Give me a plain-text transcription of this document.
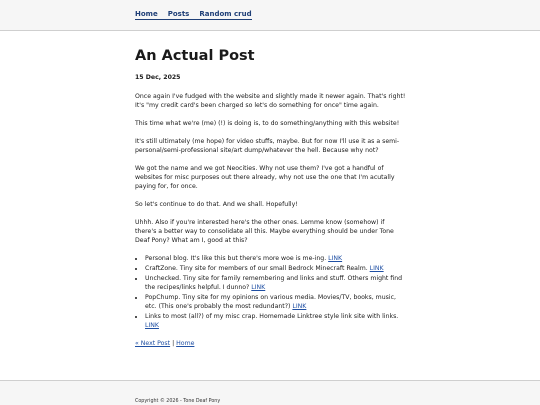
Home Posts Random crud
An Actual Post
15 Dec, 2025

Once again I've fudged with the website and slightly made it newer again. That's right! It's "my credit card's been charged so let's do something for once" time again.

This time what we're (me) (!) is doing is, to do something/anything with this website!

It's still ultimately (me hope) for video stuffs, maybe. But for now I'll use it as a semi-personal/semi-professional site/art dump/whatever the hell. Because why not?

We got the name and we got Neocities. Why not use them? I've got a handful of websites for misc purposes out there already, why not use the one that I'm acutally paying for, for once.

So let's continue to do that. And we shall. Hopefully!

Uhhh. Also if you're interested here's the other ones. Lemme know (somehow) if there's a better way to consolidate all this. Maybe everything should be under Tone Deaf Pony? What am I, good at this?

• Personal blog. It's like this but there's more woe is me-ing. LINK
• CraftZone. Tiny site for members of our small Bedrock Minecraft Realm. LINK
• Unchecked. Tiny site for family remembering and links and stuff. Others might find the recipes/links helpful. I dunno? LINK
• PopChump. Tiny site for my opinions on various media. Movies/TV, books, music, etc. (This one's probably the most redundant?) LINK
• Links to most (all?) of my misc crap. Homemade Linktree style link site with links. LINK
« Next Post | Home
Copyright © 2026 - Tone Deaf Pony
